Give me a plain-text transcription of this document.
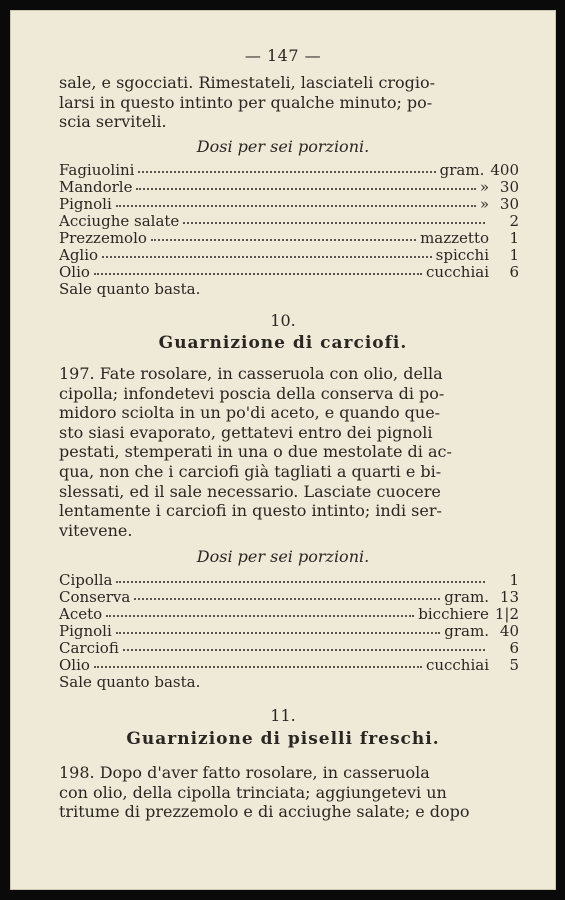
— 147 —

sale, e sgocciati. Rimestateli, lasciateli crogio-
larsi in questo intinto per qualche minuto; po-
scia serviteli.

Dosi per sei porzioni.
Fagiuolini	gram. 400
Mandorle	» 30
Pignoli	» 30
Acciughe salate	2
Prezzemolo	mazzetto	1
Aglio	spicchi	1
Olio	cucchiai	6
Sale quanto basta.
10.
Guarnizione di carciofi.

197. Fate rosolare, in casseruola con olio, della
cipolla; infondetevi poscia della conserva di po-
midoro sciolta in un po'di aceto, e quando que-
sto siasi evaporato, gettatevi entro dei pignoli
pestati, stemperati in una o due mestolate di ac-
qua, non che i carciofi già tagliati a quarti e bi-
slessati, ed il sale necessario. Lasciate cuocere
lentamente i carciofi in questo intinto; indi ser-
vitevene.

Dosi per sei porzioni.
Cipolla	1
Conserva	gram. 13
Aceto	bicchiere 1|2
Pignoli	gram. 40
Carciofi	6
Olio	cucchiai	5
Sale quanto basta.
11.
Guarnizione di piselli freschi.

198. Dopo d'aver fatto rosolare, in casseruola
con olio, della cipolla trinciata; aggiungetevi un
tritume di prezzemolo e di acciughe salate; e dopo
